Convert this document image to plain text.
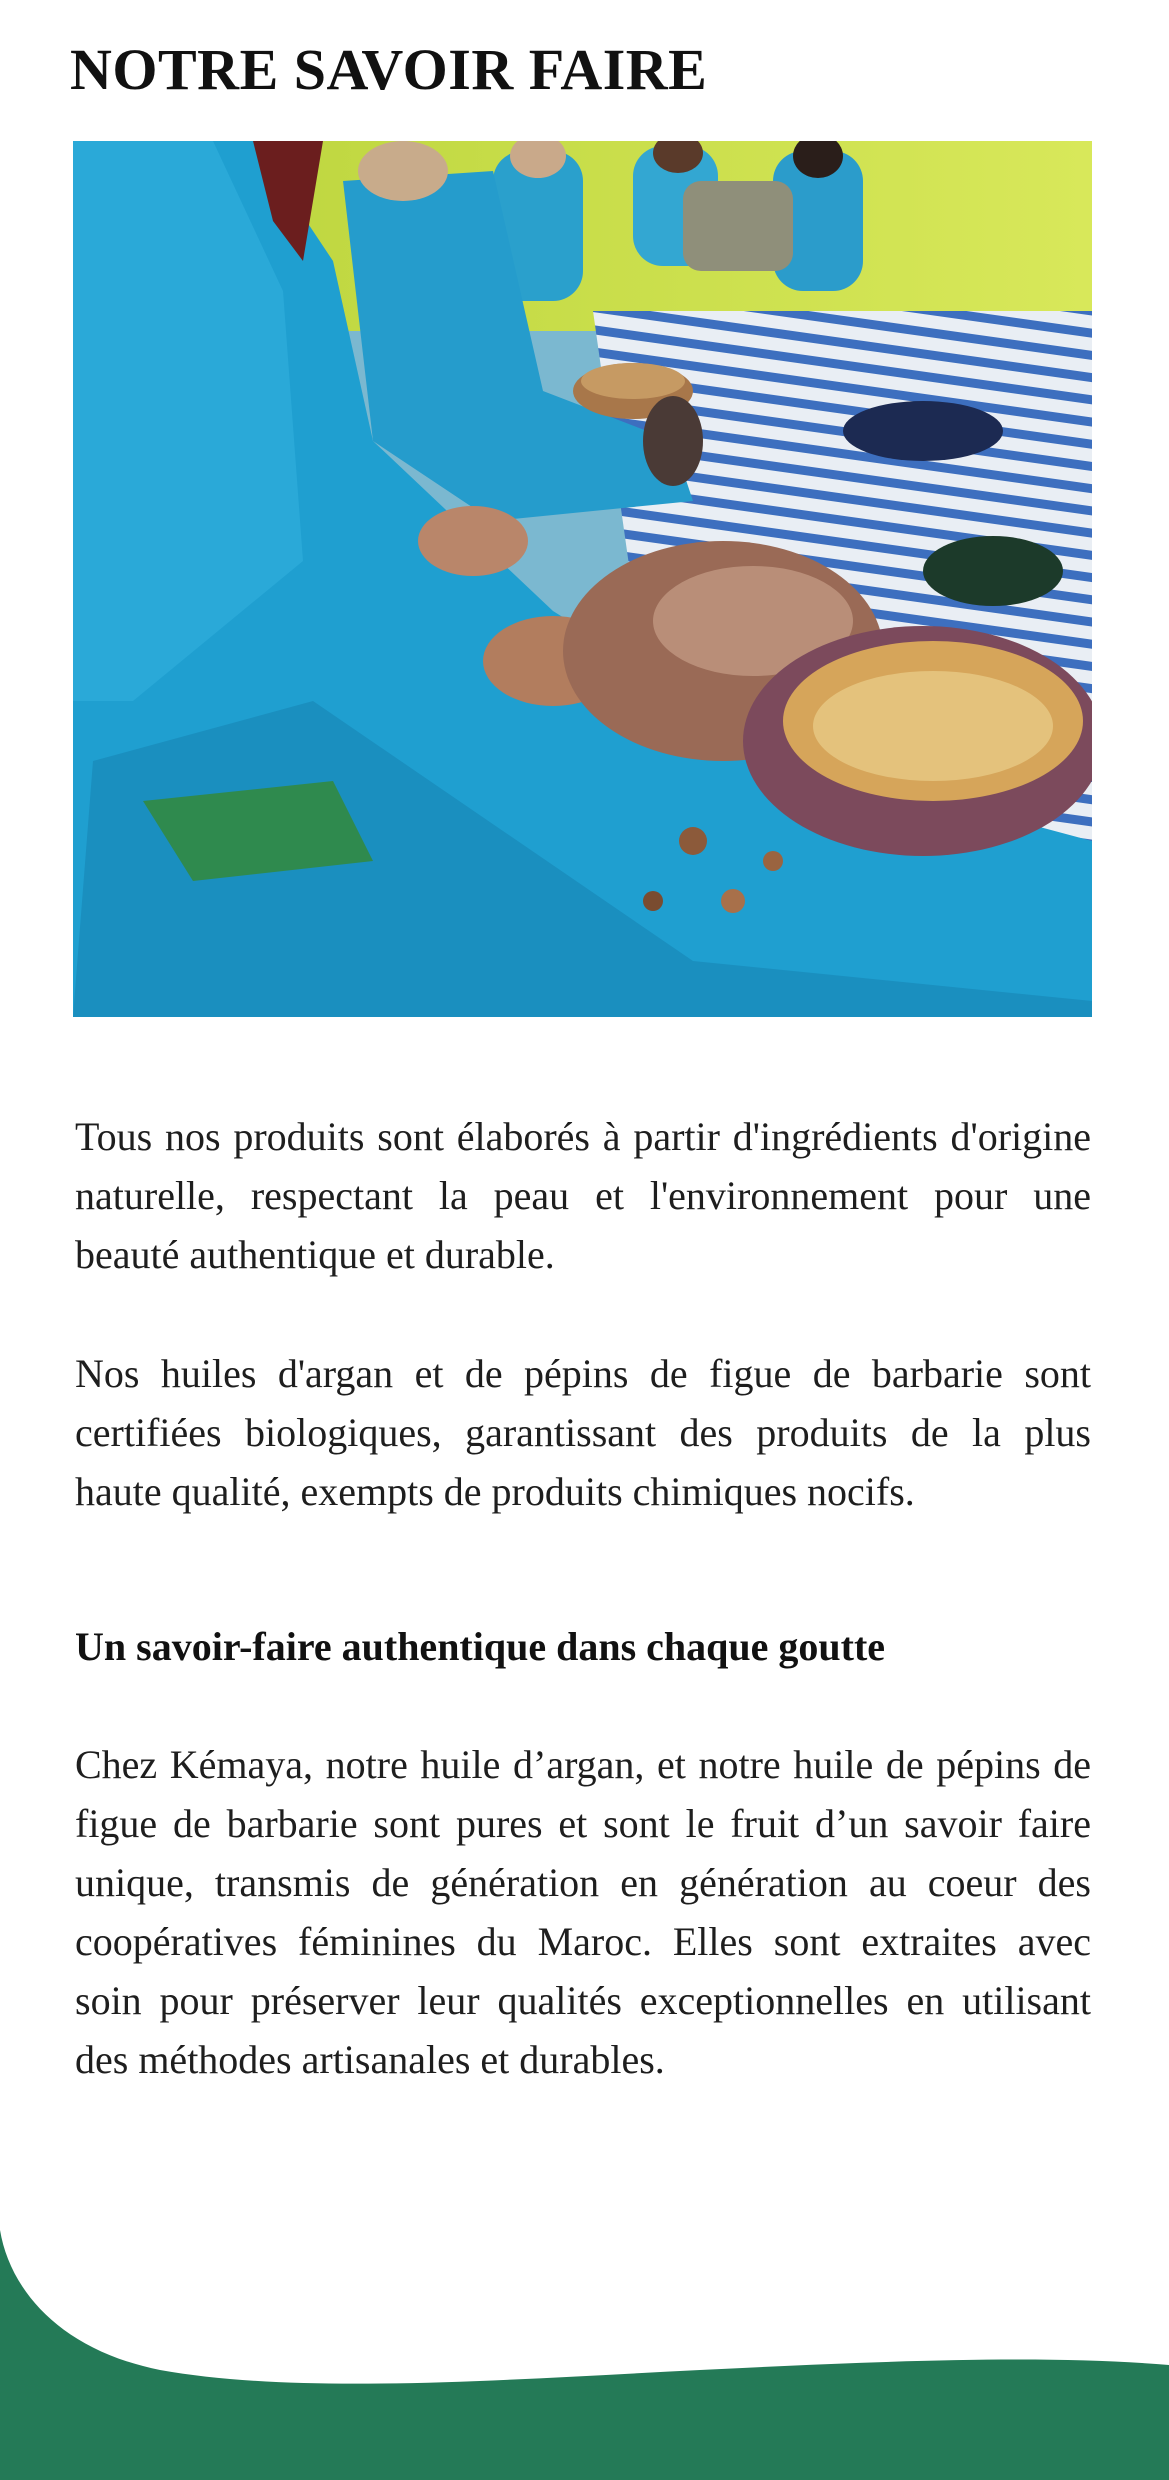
NOTRE SAVOIR FAIRE

Tous nos produits sont élaborés à partir d'ingrédients d'origine naturelle, respectant la peau et l'environnement pour une beauté authentique et durable.

Nos huiles d'argan et de pépins de figue de barbarie sont certifiées biologiques, garantissant des produits de la plus haute qualité, exempts de produits chimiques nocifs.

Un savoir-faire authentique dans chaque goutte

Chez Kémaya, notre huile d’argan, et notre huile de pépins de figue de barbarie sont pures et sont le fruit d’un savoir faire unique, transmis de génération en génération au coeur des coopératives féminines du Maroc. Elles sont extraites avec soin pour préserver leur qualités exceptionnelles en utilisant des méthodes artisanales et durables.
